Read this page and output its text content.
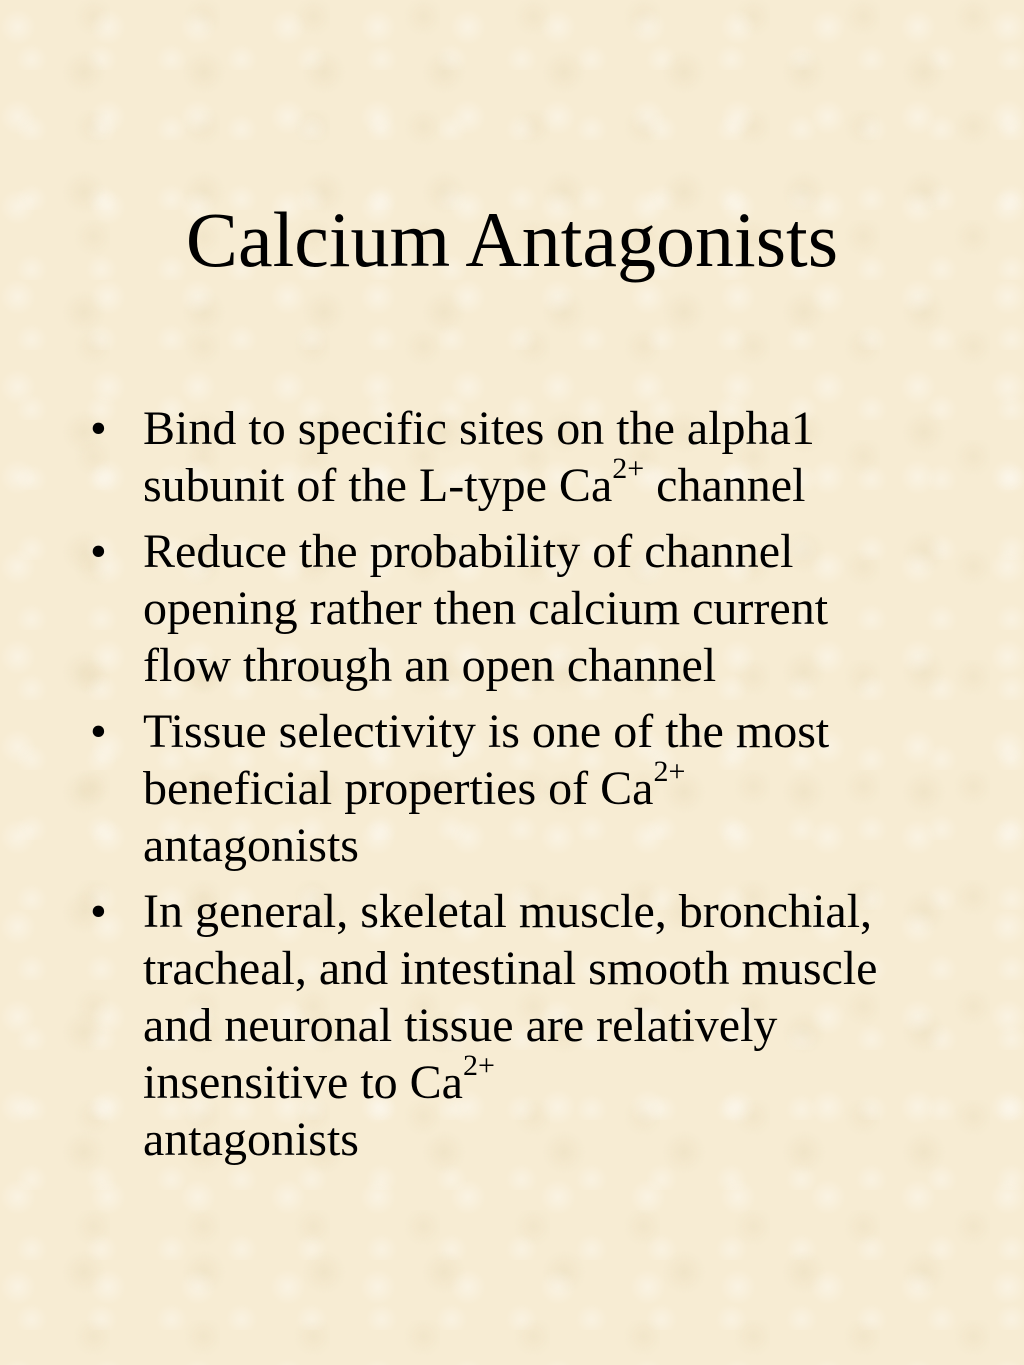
Calcium Antagonists
• Bind to specific sites on the alpha1 subunit of the L-type $Ca^{2+}$ channel
• Reduce the probability of channel opening rather then calcium current flow through an open channel
• Tissue selectivity is one of the most beneficial properties of $Ca^{2+}$
antagonists
• In general, skeletal muscle, bronchial, tracheal, and intestinal smooth muscle and neuronal tissue are relatively insensitive to $Ca^{2+}$
antagonists
